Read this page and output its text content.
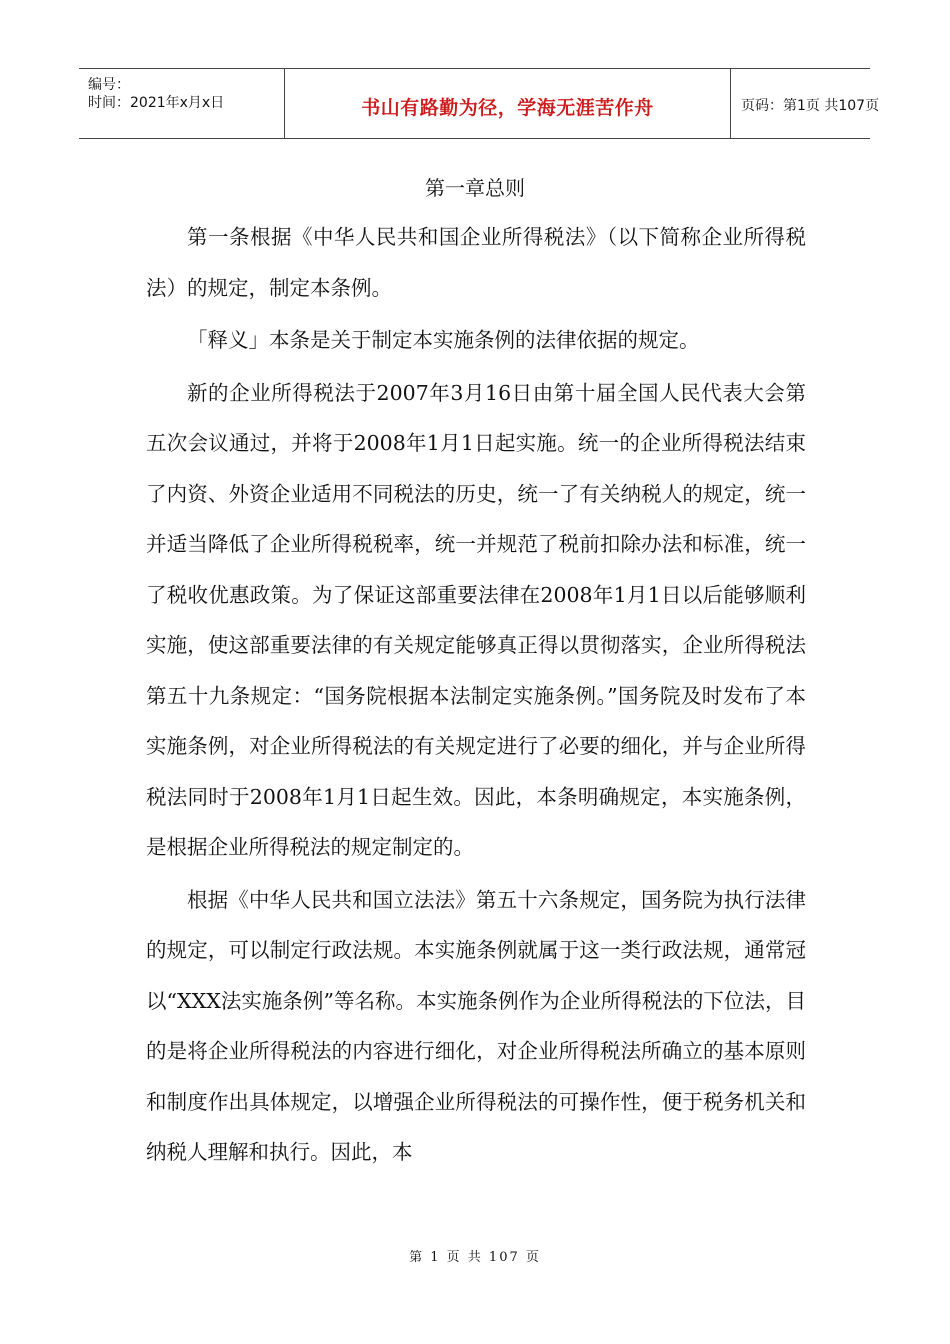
编号：
时间：2021年x月x日	书山有路勤为径，学海无涯苦作舟	页码：第1页 共107页
第一章总则

第一条根据《中华人民共和国企业所得税法》（以下简称企业所得税法）的规定，制定本条例。

「释义」本条是关于制定本实施条例的法律依据的规定。

新的企业所得税法于2007年3月16日由第十届全国人民代表大会第五次会议通过，并将于2008年1月1日起实施。统一的企业所得税法结束了内资、外资企业适用不同税法的历史，统一了有关纳税人的规定，统一并适当降低了企业所得税税率，统一并规范了税前扣除办法和标准，统一了税收优惠政策。为了保证这部重要法律在2008年1月1日以后能够顺利实施，使这部重要法律的有关规定能够真正得以贯彻落实，企业所得税法第五十九条规定：“国务院根据本法制定实施条例。”国务院及时发布了本实施条例，对企业所得税法的有关规定进行了必要的细化，并与企业所得税法同时于2008年1月1日起生效。因此，本条明确规定，本实施条例，是根据企业所得税法的规定制定的。

根据《中华人民共和国立法法》第五十六条规定，国务院为执行法律的规定，可以制定行政法规。本实施条例就属于这一类行政法规，通常冠以“XXX法实施条例”等名称。本实施条例作为企业所得税法的下位法，目的是将企业所得税法的内容进行细化，对企业所得税法所确立的基本原则和制度作出具体规定，以增强企业所得税法的可操作性，便于税务机关和纳税人理解和执行。因此，本

第 1 页 共 107 页
